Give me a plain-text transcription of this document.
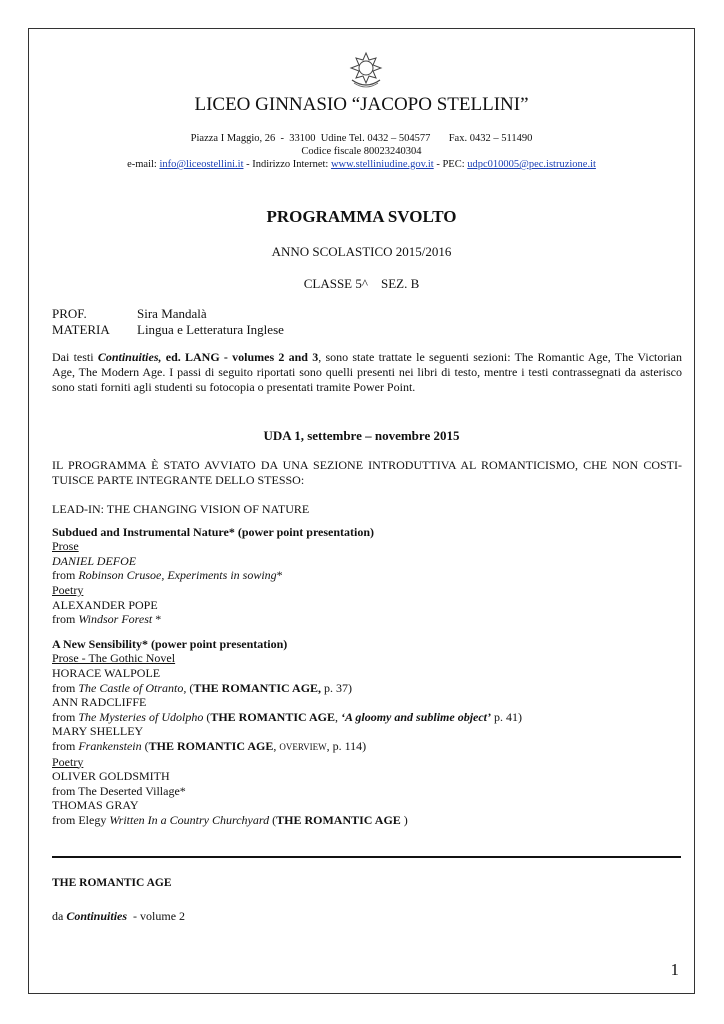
LICEO GINNASIO “JACOPO STELLINI”
Piazza I Maggio, 26  -  33100  Udine Tel. 0432 – 504577       Fax. 0432 – 511490
Codice fiscale 80023240304
e-mail: info@liceostellini.it - Indirizzo Internet: www.stelliniudine.gov.it - PEC: udpc010005@pec.istruzione.it
PROGRAMMA SVOLTO
ANNO SCOLASTICO 2015/2016
CLASSE 5^ SEZ. B
PROF.	Sira Mandalà
MATERIA Lingua e Letteratura Inglese
Dai testi Continuities, ed. LANG - volumes 2 and 3, sono state trattate le seguenti sezioni: The Romantic Age, The Victorian Age, The Modern Age. I passi di seguito riportati sono quelli presenti nei libri di testo, mentre i testi contrassegnati da asterisco sono stati forniti agli studenti su fotocopia o presentati tramite Power Point.
UDA 1, settembre – novembre 2015
IL PROGRAMMA È STATO AVVIATO DA UNA SEZIONE INTRODUTTIVA AL ROMANTICISMO, CHE NON COSTI- TUISCE PARTE INTEGRANTE DELLO STESSO:
LEAD-IN: THE CHANGING VISION OF NATURE
Subdued and Instrumental Nature* (power point presentation)
Prose
DANIEL DEFOE
from Robinson Crusoe, Experiments in sowing*
Poetry
ALEXANDER POPE
from Windsor Forest *
A New Sensibility* (power point presentation)
Prose - The Gothic Novel
HORACE WALPOLE
from The Castle of Otranto, (THE ROMANTIC AGE, p. 37)
ANN RADCLIFFE
from The Mysteries of Udolpho (THE ROMANTIC AGE, ‘A gloomy and sublime object’ p. 41)
MARY SHELLEY
from Frankenstein (THE ROMANTIC AGE, OVERVIEW, p. 114)
Poetry
OLIVER GOLDSMITH
from The Deserted Village*
THOMAS GRAY
from Elegy Written In a Country Churchyard (THE ROMANTIC AGE )
THE ROMANTIC AGE
da Continuities  - volume 2
1
